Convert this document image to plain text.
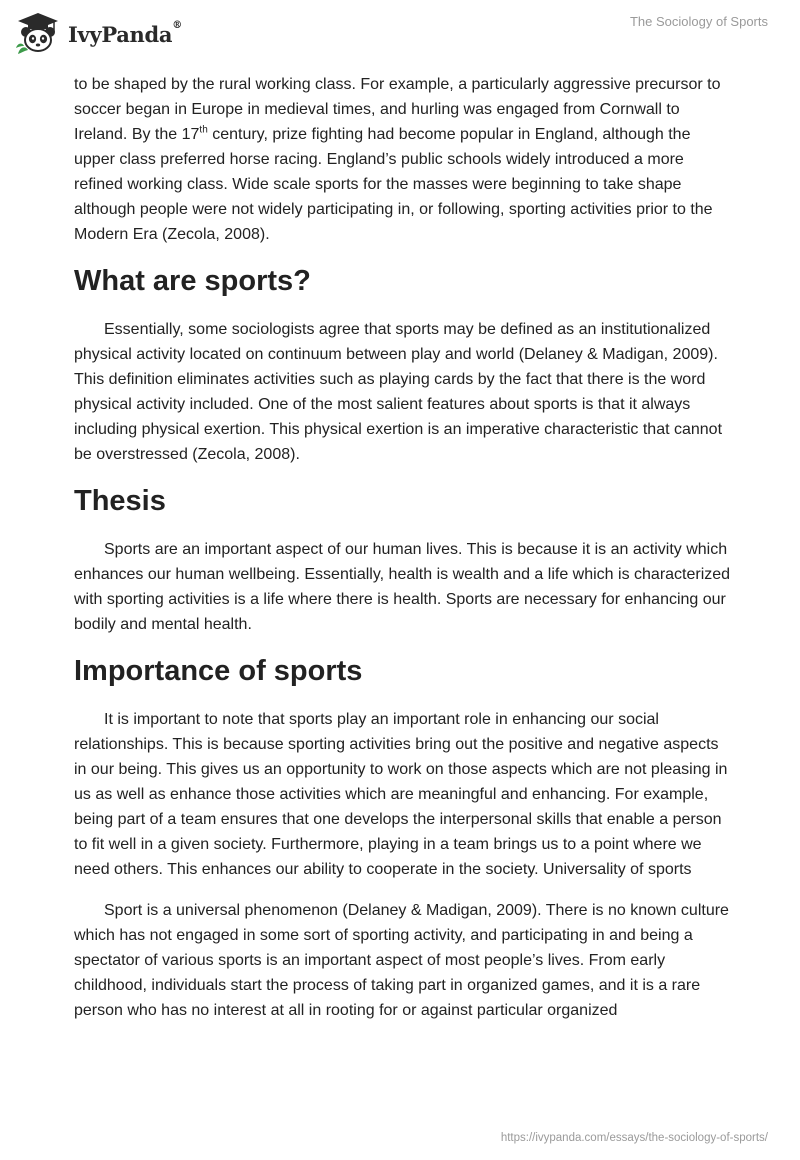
IvyPanda®	The Sociology of Sports

to be shaped by the rural working class. For example, a particularly aggressive precursor to soccer began in Europe in medieval times, and hurling was engaged from Cornwall to Ireland. By the 17th century, prize fighting had become popular in England, although the upper class preferred horse racing. England’s public schools widely introduced a more refined working class. Wide scale sports for the masses were beginning to take shape although people were not widely participating in, or following, sporting activities prior to the Modern Era (Zecola, 2008).

What are sports?

Essentially, some sociologists agree that sports may be defined as an institutionalized physical activity located on continuum between play and world (Delaney & Madigan, 2009). This definition eliminates activities such as playing cards by the fact that there is the word physical activity included. One of the most salient features about sports is that it always including physical exertion. This physical exertion is an imperative characteristic that cannot be overstressed (Zecola, 2008).

Thesis

Sports are an important aspect of our human lives. This is because it is an activity which enhances our human wellbeing. Essentially, health is wealth and a life which is characterized with sporting activities is a life where there is health. Sports are necessary for enhancing our bodily and mental health.

Importance of sports

It is important to note that sports play an important role in enhancing our social relationships. This is because sporting activities bring out the positive and negative aspects in our being. This gives us an opportunity to work on those aspects which are not pleasing in us as well as enhance those activities which are meaningful and enhancing. For example, being part of a team ensures that one develops the interpersonal skills that enable a person to fit well in a given society. Furthermore, playing in a team brings us to a point where we need others. This enhances our ability to cooperate in the society. Universality of sports

Sport is a universal phenomenon (Delaney & Madigan, 2009). There is no known culture which has not engaged in some sort of sporting activity, and participating in and being a spectator of various sports is an important aspect of most people’s lives. From early childhood, individuals start the process of taking part in organized games, and it is a rare person who has no interest at all in rooting for or against particular organized

https://ivypanda.com/essays/the-sociology-of-sports/
